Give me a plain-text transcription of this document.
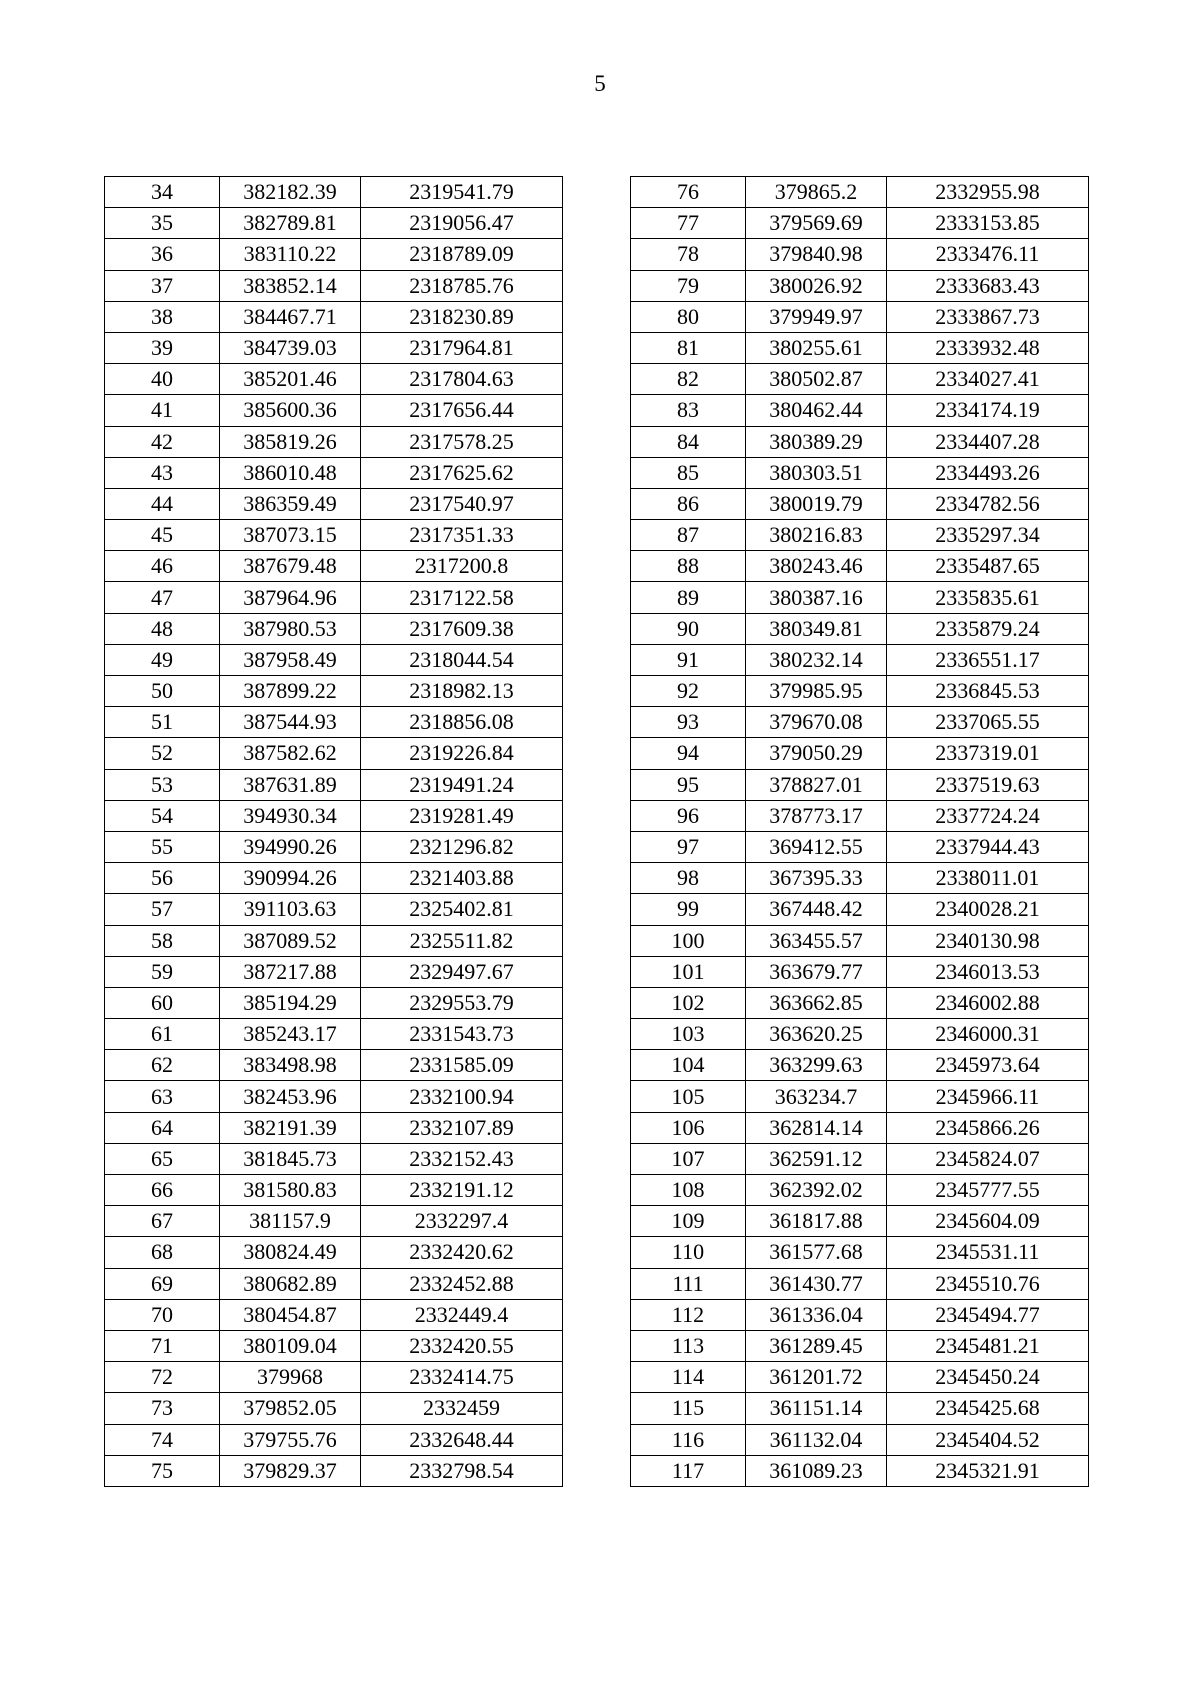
5
34	382182.39	2319541.79
35	382789.81	2319056.47
36	383110.22	2318789.09
37	383852.14	2318785.76
38	384467.71	2318230.89
39	384739.03	2317964.81
40	385201.46	2317804.63
41	385600.36	2317656.44
42	385819.26	2317578.25
43	386010.48	2317625.62
44	386359.49	2317540.97
45	387073.15	2317351.33
46	387679.48	2317200.8
47	387964.96	2317122.58
48	387980.53	2317609.38
49	387958.49	2318044.54
50	387899.22	2318982.13
51	387544.93	2318856.08
52	387582.62	2319226.84
53	387631.89	2319491.24
54	394930.34	2319281.49
55	394990.26	2321296.82
56	390994.26	2321403.88
57	391103.63	2325402.81
58	387089.52	2325511.82
59	387217.88	2329497.67
60	385194.29	2329553.79
61	385243.17	2331543.73
62	383498.98	2331585.09
63	382453.96	2332100.94
64	382191.39	2332107.89
65	381845.73	2332152.43
66	381580.83	2332191.12
67	381157.9	2332297.4
68	380824.49	2332420.62
69	380682.89	2332452.88
70	380454.87	2332449.4
71	380109.04	2332420.55
72	379968	2332414.75
73	379852.05	2332459
74	379755.76	2332648.44
75	379829.37	2332798.54
76	379865.2	2332955.98
77	379569.69	2333153.85
78	379840.98	2333476.11
79	380026.92	2333683.43
80	379949.97	2333867.73
81	380255.61	2333932.48
82	380502.87	2334027.41
83	380462.44	2334174.19
84	380389.29	2334407.28
85	380303.51	2334493.26
86	380019.79	2334782.56
87	380216.83	2335297.34
88	380243.46	2335487.65
89	380387.16	2335835.61
90	380349.81	2335879.24
91	380232.14	2336551.17
92	379985.95	2336845.53
93	379670.08	2337065.55
94	379050.29	2337319.01
95	378827.01	2337519.63
96	378773.17	2337724.24
97	369412.55	2337944.43
98	367395.33	2338011.01
99	367448.42	2340028.21
100	363455.57	2340130.98
101	363679.77	2346013.53
102	363662.85	2346002.88
103	363620.25	2346000.31
104	363299.63	2345973.64
105	363234.7	2345966.11
106	362814.14	2345866.26
107	362591.12	2345824.07
108	362392.02	2345777.55
109	361817.88	2345604.09
110	361577.68	2345531.11
111	361430.77	2345510.76
112	361336.04	2345494.77
113	361289.45	2345481.21
114	361201.72	2345450.24
115	361151.14	2345425.68
116	361132.04	2345404.52
117	361089.23	2345321.91
